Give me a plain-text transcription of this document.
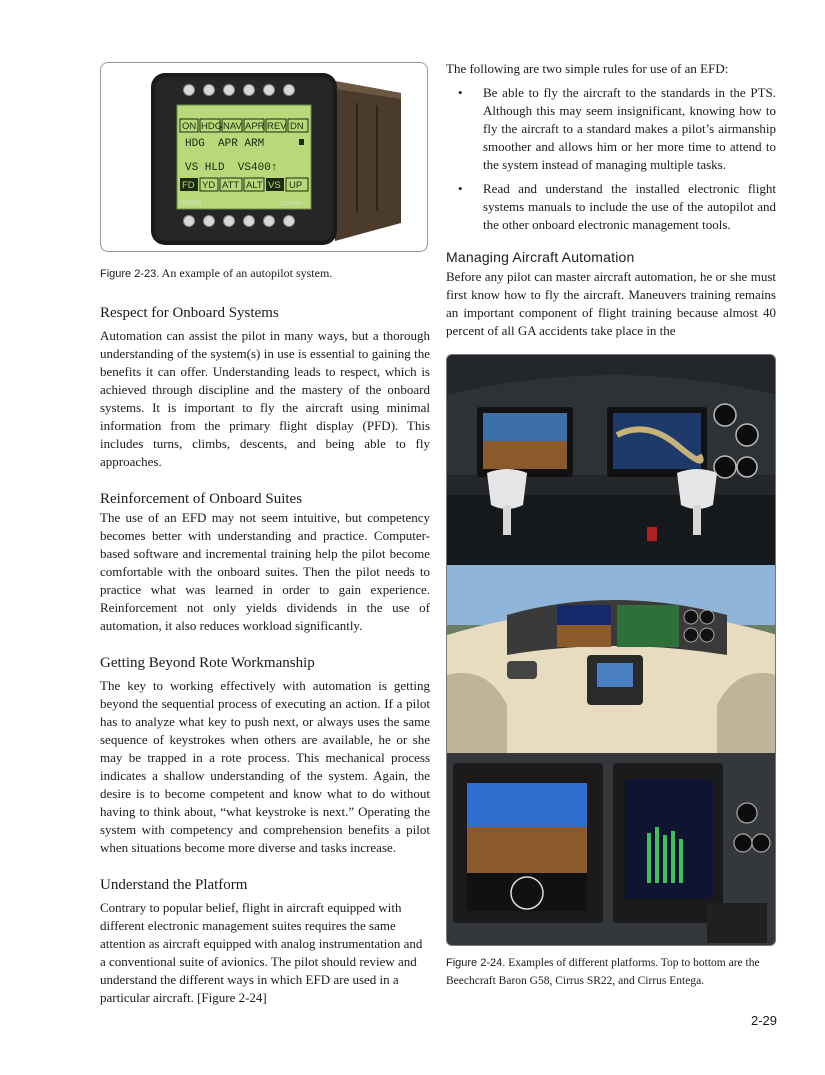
ON HDG NAV APR REV DN
HDG  APR ARM
VS HLD  VS400↑
FD YD ATT ALT VS UP
TRIDEN	CENTURY

Figure 2-23. An example of an autopilot system.

Respect for Onboard Systems

Automation can assist the pilot in many ways, but a thorough understanding of the system(s) in use is essential to gaining the benefits it can offer. Understanding leads to respect, which is achieved through discipline and the mastery of the onboard systems. It is important to fly the aircraft using minimal information from the primary flight display (PFD). This includes turns, climbs, descents, and being able to fly approaches.

Reinforcement of Onboard Suites

The use of an EFD may not seem intuitive, but competency becomes better with understanding and practice. Computer-based software and incremental training help the pilot become comfortable with the onboard suites. Then the pilot needs to practice what was learned in order to gain experience. Reinforcement not only yields dividends in the use of automation, it also reduces workload significantly.

Getting Beyond Rote Workmanship

The key to working effectively with automation is getting beyond the sequential process of executing an action. If a pilot has to analyze what key to push next, or always uses the same sequence of keystrokes when others are available, he or she may be trapped in a rote process. This mechanical process indicates a shallow understanding of the system. Again, the desire is to become competent and know what to do without having to think about, “what keystroke is next.” Operating the system with competency and comprehension benefits a pilot when situations become more diverse and tasks increase.

Understand the Platform

Contrary to popular belief, flight in aircraft equipped with different electronic management suites requires the same attention as aircraft equipped with analog instrumentation and a conventional suite of avionics. The pilot should review and understand the different ways in which EFD are used in a particular aircraft. [Figure 2-24]

The following are two simple rules for use of an EFD:

• Be able to fly the aircraft to the standards in the PTS. Although this may seem insignificant, knowing how to fly the aircraft to a standard makes a pilot’s airmanship smoother and allows him or her more time to attend to the system instead of managing multiple tasks.
• Read and understand the installed electronic flight systems manuals to include the use of the autopilot and the other onboard electronic management tools.
Managing Aircraft Automation

Before any pilot can master aircraft automation, he or she must first know how to fly the aircraft. Maneuvers training remains an important component of flight training because almost 40 percent of all GA accidents take place in the

Figure 2-24. Examples of different platforms. Top to bottom are the Beechcraft Baron G58, Cirrus SR22, and Cirrus Entega.

2-29
